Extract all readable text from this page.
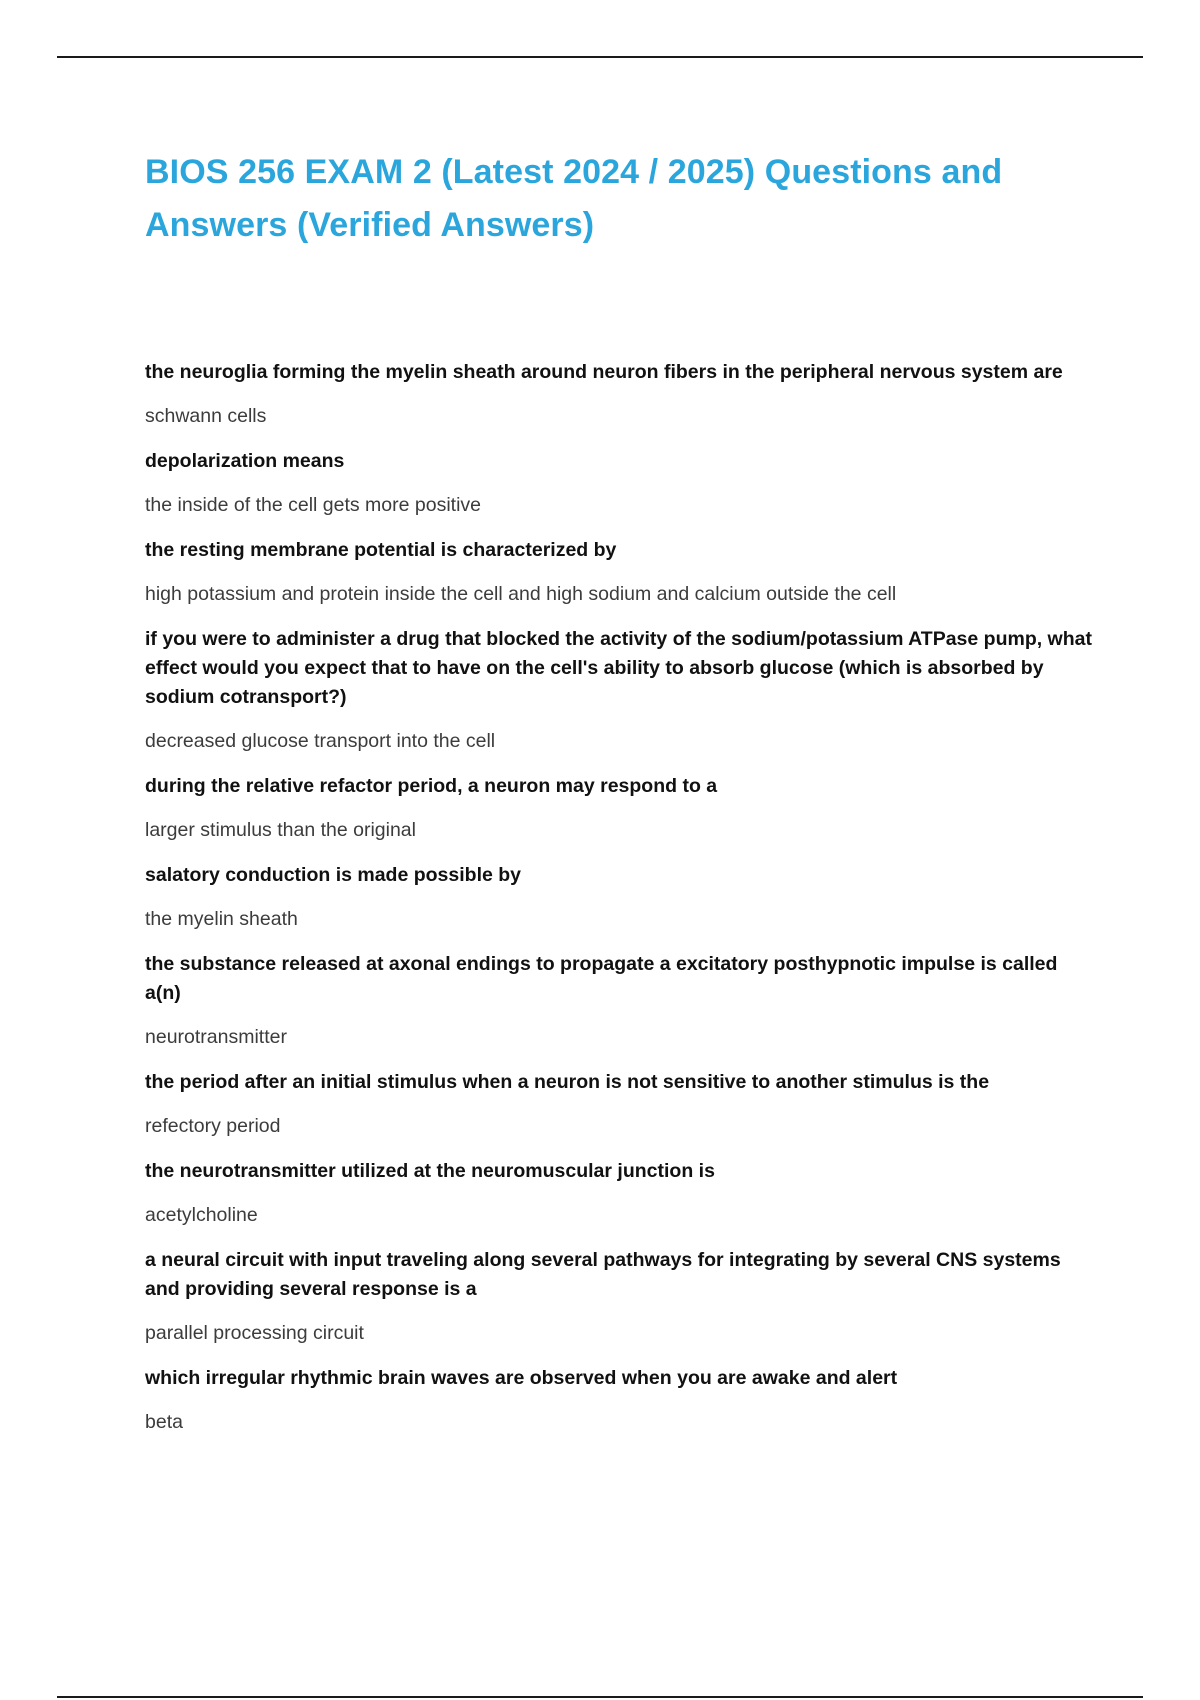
BIOS 256 EXAM 2 (Latest 2024 / 2025) Questions and Answers (Verified Answers)

the neuroglia forming the myelin sheath around neuron fibers in the peripheral nervous system are

schwann cells

depolarization means

the inside of the cell gets more positive

the resting membrane potential is characterized by

high potassium and protein inside the cell and high sodium and calcium outside the cell

if you were to administer a drug that blocked the activity of the sodium/potassium ATPase pump, what effect would you expect that to have on the cell's ability to absorb glucose (which is absorbed by sodium cotransport?)

decreased glucose transport into the cell

during the relative refactor period, a neuron may respond to a

larger stimulus than the original

salatory conduction is made possible by

the myelin sheath

the substance released at axonal endings to propagate a excitatory posthypnotic impulse is called a(n)

neurotransmitter

the period after an initial stimulus when a neuron is not sensitive to another stimulus is the

refectory period

the neurotransmitter utilized at the neuromuscular junction is

acetylcholine

a neural circuit with input traveling along several pathways for integrating by several CNS systems and providing several response is a

parallel processing circuit

which irregular rhythmic brain waves are observed when you are awake and alert

beta
